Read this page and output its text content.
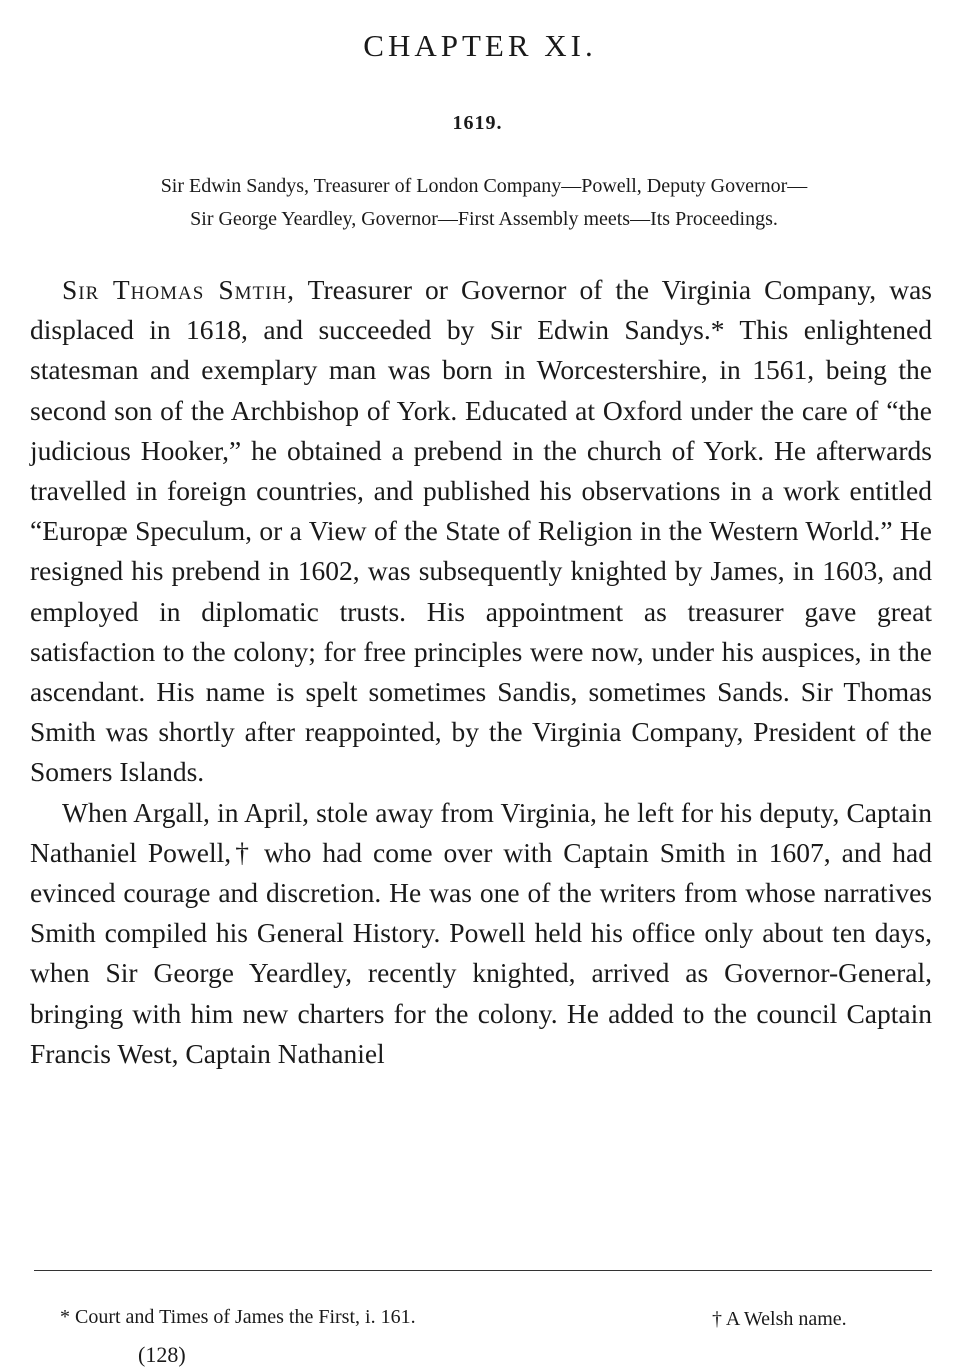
CHAPTER XI.
1619.
Sir Edwin Sandys, Treasurer of London Company—Powell, Deputy Governor—
Sir George Yeardley, Governor—First Assembly meets—Its Proceedings.

Sir Thomas Smtih, Treasurer or Governor of the Virginia Company, was displaced in 1618, and succeeded by Sir Edwin Sandys.* This enlightened statesman and exemplary man was born in Worcestershire, in 1561, being the second son of the Archbishop of York. Educated at Oxford under the care of “the judicious Hooker,” he obtained a prebend in the church of York. He afterwards travelled in foreign countries, and published his observations in a work entitled “Europæ Speculum, or a View of the State of Religion in the Western World.” He resigned his prebend in 1602, was subsequently knighted by James, in 1603, and employed in diplomatic trusts. His appointment as treasurer gave great satisfaction to the colony; for free principles were now, under his auspices, in the ascendant. His name is spelt sometimes Sandis, sometimes Sands. Sir Thomas Smith was shortly after reappointed, by the Virginia Company, President of the Somers Islands.

When Argall, in April, stole away from Virginia, he left for his deputy, Captain Nathaniel Powell,† who had come over with Captain Smith in 1607, and had evinced courage and discretion. He was one of the writers from whose narratives Smith compiled his General History. Powell held his office only about ten days, when Sir George Yeardley, recently knighted, arrived as Governor-General, bringing with him new charters for the colony. He added to the council Captain Francis West, Captain Nathaniel

* Court and Times of James the First, i. 161.	† A Welsh name.
(128)
